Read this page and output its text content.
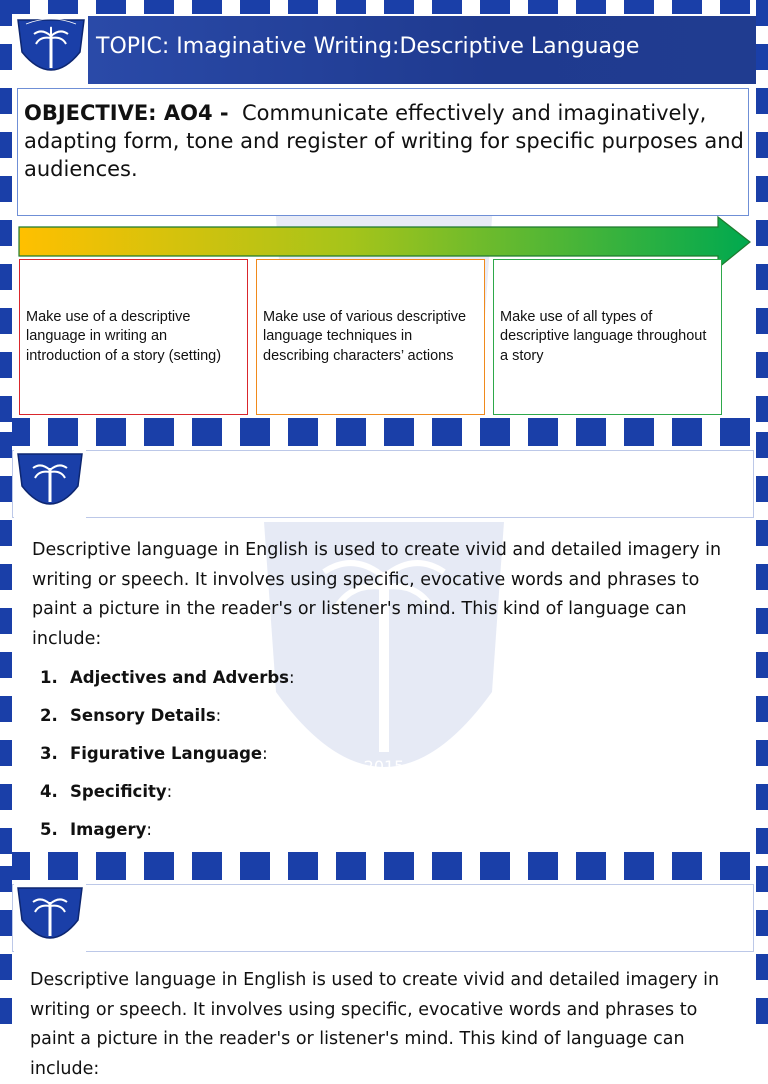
TOPIC: Imaginative Writing:Descriptive Language
OBJECTIVE: AO4 - Communicate effectively and imaginatively, adapting form, tone and register of writing for specific purposes and audiences.
Make use of a descriptive language in writing an introduction of a story (setting)
Make use of various descriptive language techniques in describing characters’ actions
Make use of all types of descriptive language throughout a story
Descriptive language in English is used to create vivid and detailed imagery in writing or speech. It involves using specific, evocative words and phrases to paint a picture in the reader's or listener's mind. This kind of language can include:
1. Adjectives and Adverbs:
2. Sensory Details:
3. Figurative Language:
4. Specificity:
5. Imagery:
Descriptive language in English is used to create vivid and detailed imagery in writing or speech. It involves using specific, evocative words and phrases to paint a picture in the reader's or listener's mind. This kind of language can include:
